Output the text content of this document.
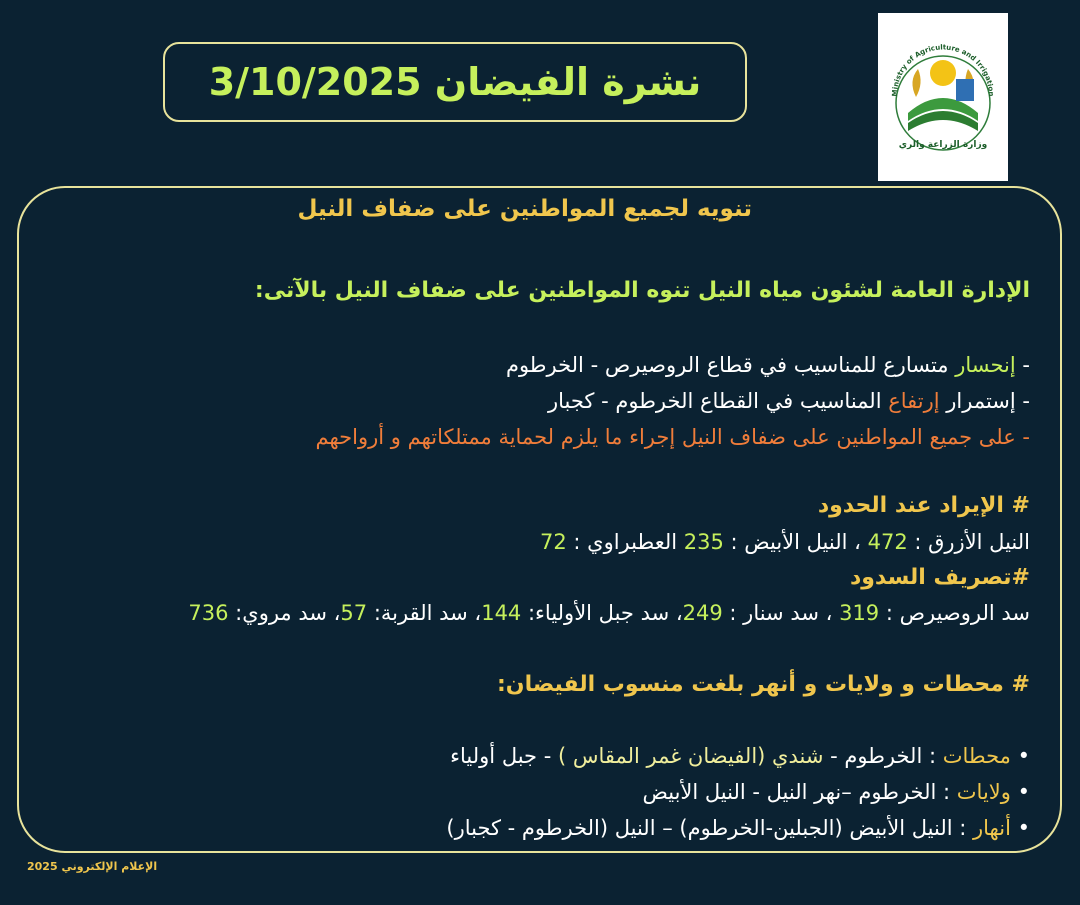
Ministry of Agriculture and Irrigation
وزارة الزراعة والري
نشرة الفيضان 3/10/2025
تنويه لجميع المواطنين على ضفاف النيل
الإدارة العامة لشئون مياه النيل تنوه المواطنين على ضفاف النيل بالآتى:
- إنحسار متسارع للمناسيب في قطاع الروصيرص - الخرطوم
- إستمرار إرتفاع المناسيب في القطاع الخرطوم - كجبار
- على جميع المواطنين على ضفاف النيل إجراء ما يلزم لحماية ممتلكاتهم و أرواحهم
# الإيراد عند الحدود
النيل الأزرق : 472 ، النيل الأبيض : 235 العطبراوي : 72
#تصريف السدود
سد الروصيرص : 319 ، سد سنار : 249، سد جبل الأولياء: 144، سد القربة: 57، سد مروي: 736
# محطات و ولايات و أنهر بلغت منسوب الفيضان:
• محطات : الخرطوم - شندي (الفيضان غمر المقاس ) - جبل أولياء
• ولايات : الخرطوم –نهر النيل - النيل الأبيض
• أنهار : النيل الأبيض (الجبلين-الخرطوم) – النيل (الخرطوم - كجبار)
الإعلام الإلكتروني 2025
